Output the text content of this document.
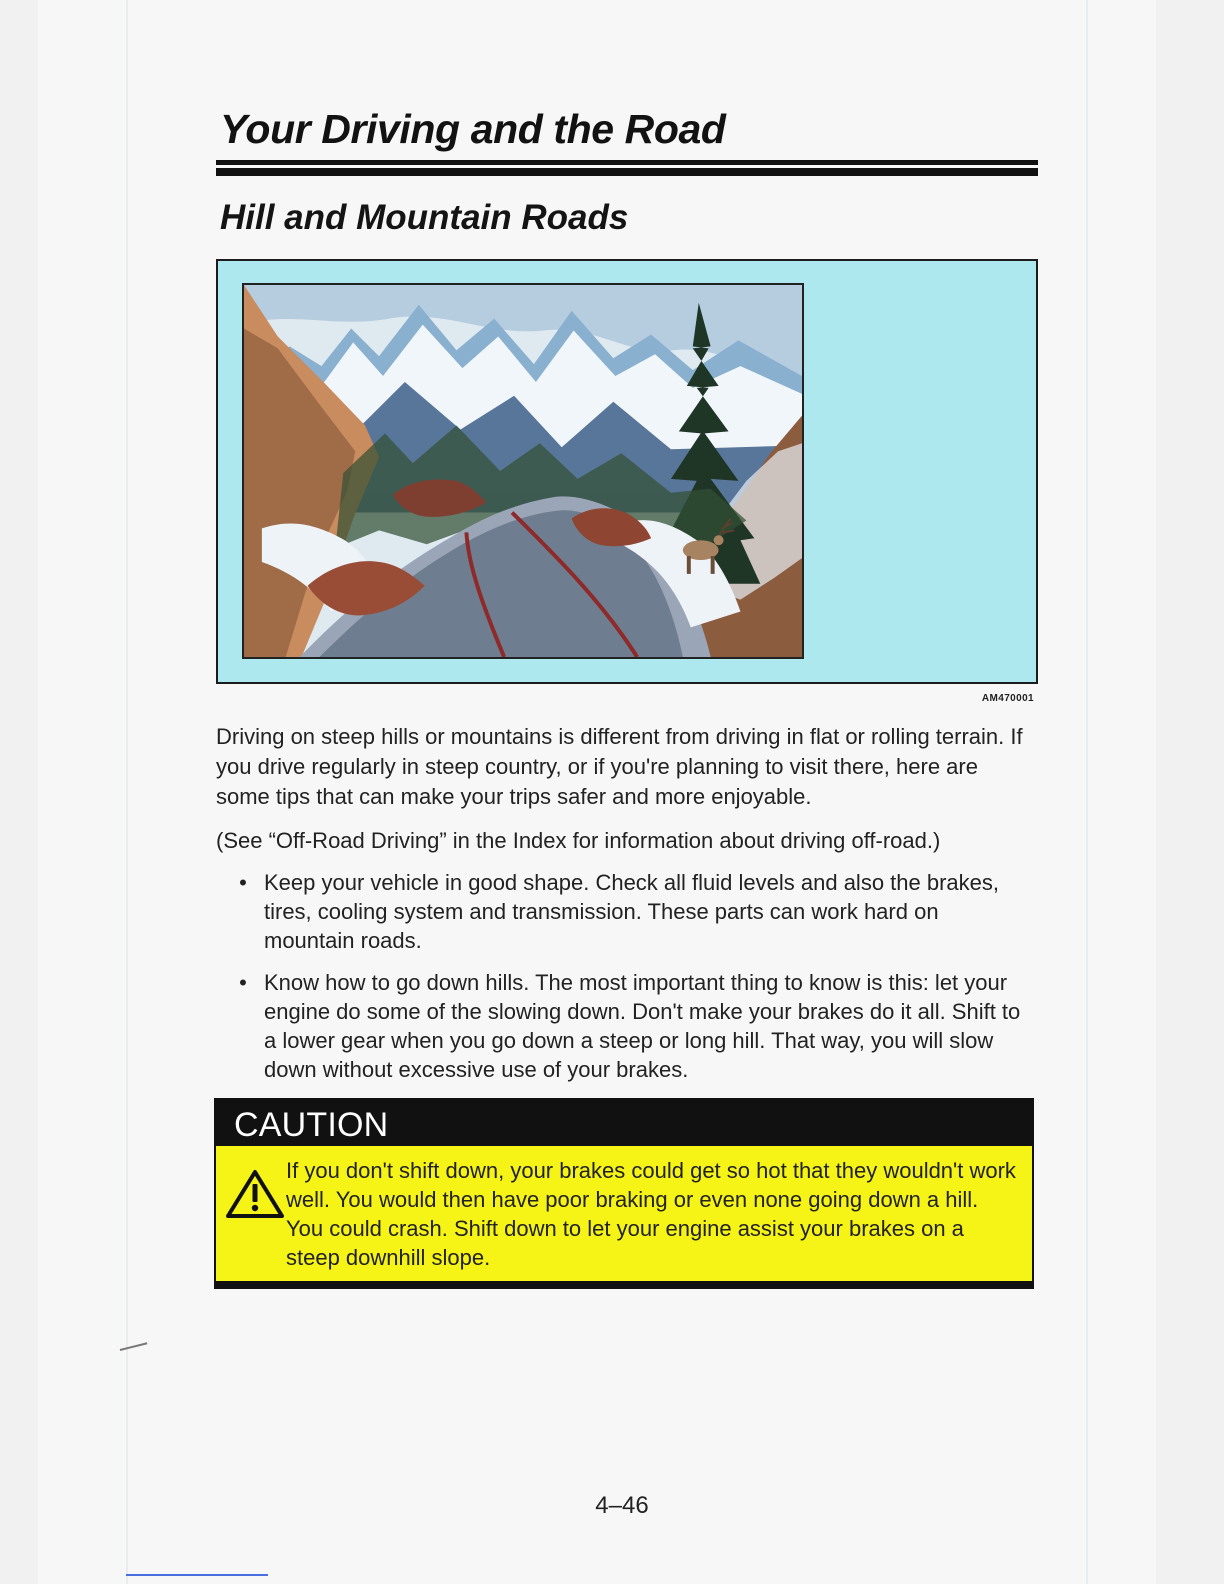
Your Driving and the Road
Hill and Mountain Roads
AM470001

Driving on steep hills or mountains is different from driving in flat or rolling terrain. If you drive regularly in steep country, or if you're planning to visit there, here are some tips that can make your trips safer and more enjoyable.

(See “Off-Road Driving” in the Index for information about driving off-road.)
• Keep your vehicle in good shape. Check all fluid levels and also the brakes, tires, cooling system and transmission. These parts can work hard on mountain roads.
• Know how to go down hills. The most important thing to know is this: let your engine do some of the slowing down. Don't make your brakes do it all. Shift to a lower gear when you go down a steep or long hill. That way, you will slow down without excessive use of your brakes.
CAUTION

If you don't shift down, your brakes could get so hot that they wouldn't work well. You would then have poor braking or even none going down a hill. You could crash. Shift down to let your engine assist your brakes on a steep downhill slope.

4–46
